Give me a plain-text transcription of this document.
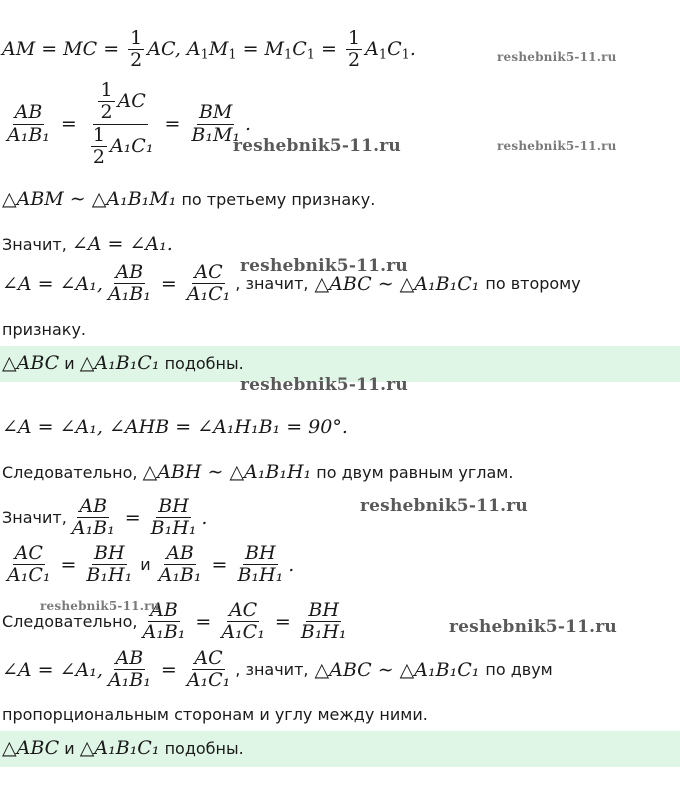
AM = MC = $\frac{1}{2}$ AC, $A_1M_1 = M_1C_1 = \frac{1}{2} A_1C_1$.
$\frac{AB}{\text{A₁B₁}} = \frac{\frac{1}{2} AC}{\frac{1}{2} A_1C_1} = \frac{BM}{\text{B₁M₁}}$ .
△ABM ∼ △A₁B₁M₁ по третьему признаку.
Значит, ∠A = ∠A₁.
∠A = ∠A₁, $\frac{AB}{\text{A₁B₁}} = \frac{AC}{\text{A₁C₁}}$ , значит, △ABC ∼ △A₁B₁C₁ по второму
признаку.
△ABC и △A₁B₁C₁ подобны.
∠A = ∠A₁, ∠AHB = ∠A₁H₁B₁ = 90°.
Следовательно, △ABH ∼ △A₁B₁H₁ по двум равным углам.
Значит, $\frac{AB}{\text{A₁B₁}} = \frac{BH}{\text{B₁H₁}}$ .
$\frac{AC}{\text{A₁C₁}} = \frac{BH}{\text{B₁H₁}}$ и $\frac{AB}{\text{A₁B₁}} = \frac{BH}{\text{B₁H₁}}$ .
Следовательно, $\frac{AB}{\text{A₁B₁}} = \frac{AC}{\text{A₁C₁}} = \frac{BH}{\text{B₁H₁}}$
∠A = ∠A₁, $\frac{AB}{\text{A₁B₁}} = \frac{AC}{\text{A₁C₁}}$ , значит, △ABC ∼ △A₁B₁C₁ по двум
пропорциональным сторонам и углу между ними.
△ABC и △A₁B₁C₁ подобны.
reshebnik5-11.ru
reshebnik5-11.ru
reshebnik5-11.ru
reshebnik5-11.ru
reshebnik5-11.ru
reshebnik5-11.ru
reshebnik5-11.ru
reshebnik5-11.ru
